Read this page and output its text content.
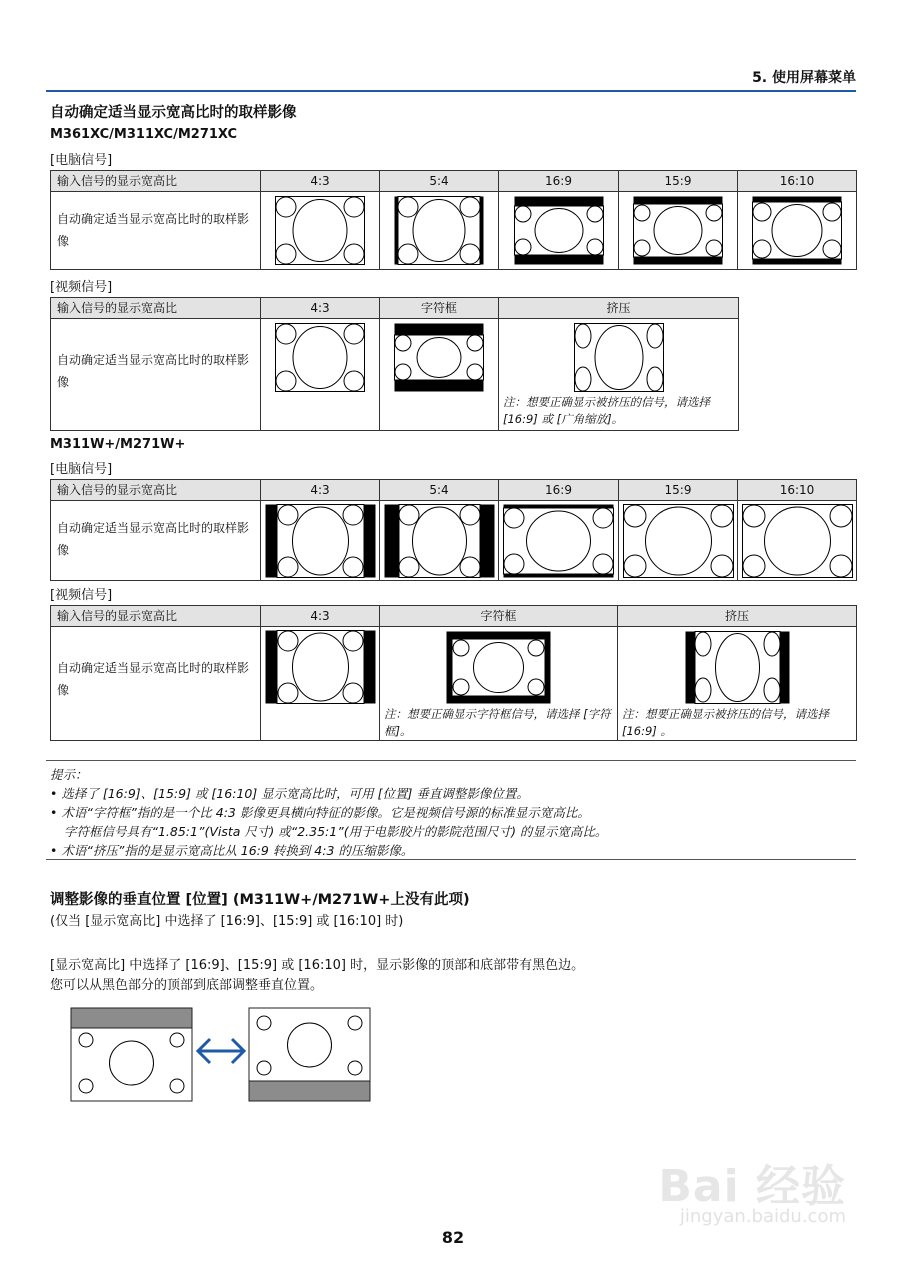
5. 使用屏幕菜单
自动确定适当显示宽高比时的取样影像
M361XC/M311XC/M271XC
[电脑信号]
输入信号的显示宽高比	4:3	5:4	16:9	15:9	16:10
自动确定适当显示宽高比时的取样影像	

[视频信号]
输入信号的显示宽高比	4:3	字符框	挤压
自动确定适当显示宽高比时的取样影像			注：想要正确显示被挤压的信号，请选择 [16:9] 或 [广角缩放]。
M311W+/M271W+
[电脑信号]
输入信号的显示宽高比	4:3	5:4	16:9	15:9	16:10
自动确定适当显示宽高比时的取样影像	

[视频信号]
输入信号的显示宽高比	4:3	字符框	挤压
自动确定适当显示宽高比时的取样影像		注：想要正确显示字符框信号，请选择 [字符框]。	注：想要正确显示被挤压的信号，请选择 [16:9] 。
提示：
• 选择了 [16:9]、[15:9] 或 [16:10] 显示宽高比时，可用 [位置] 垂直调整影像位置。
• 术语“字符框”指的是一个比 4:3 影像更具横向特征的影像。它是视频信号源的标准显示宽高比。
字符框信号具有“1.85:1”(Vista 尺寸) 或“2.35:1”(用于电影胶片的影院范围尺寸) 的显示宽高比。
• 术语“挤压”指的是显示宽高比从 16:9 转换到 4:3 的压缩影像。
调整影像的垂直位置 [位置] (M311W+/M271W+上没有此项)
(仅当 [显示宽高比] 中选择了 [16:9]、[15:9] 或 [16:10] 时)
[显示宽高比] 中选择了 [16:9]、[15:9] 或 [16:10] 时，显示影像的顶部和底部带有黑色边。
您可以从黑色部分的顶部到底部调整垂直位置。
Bai 经验
jingyan.baidu.com
82
